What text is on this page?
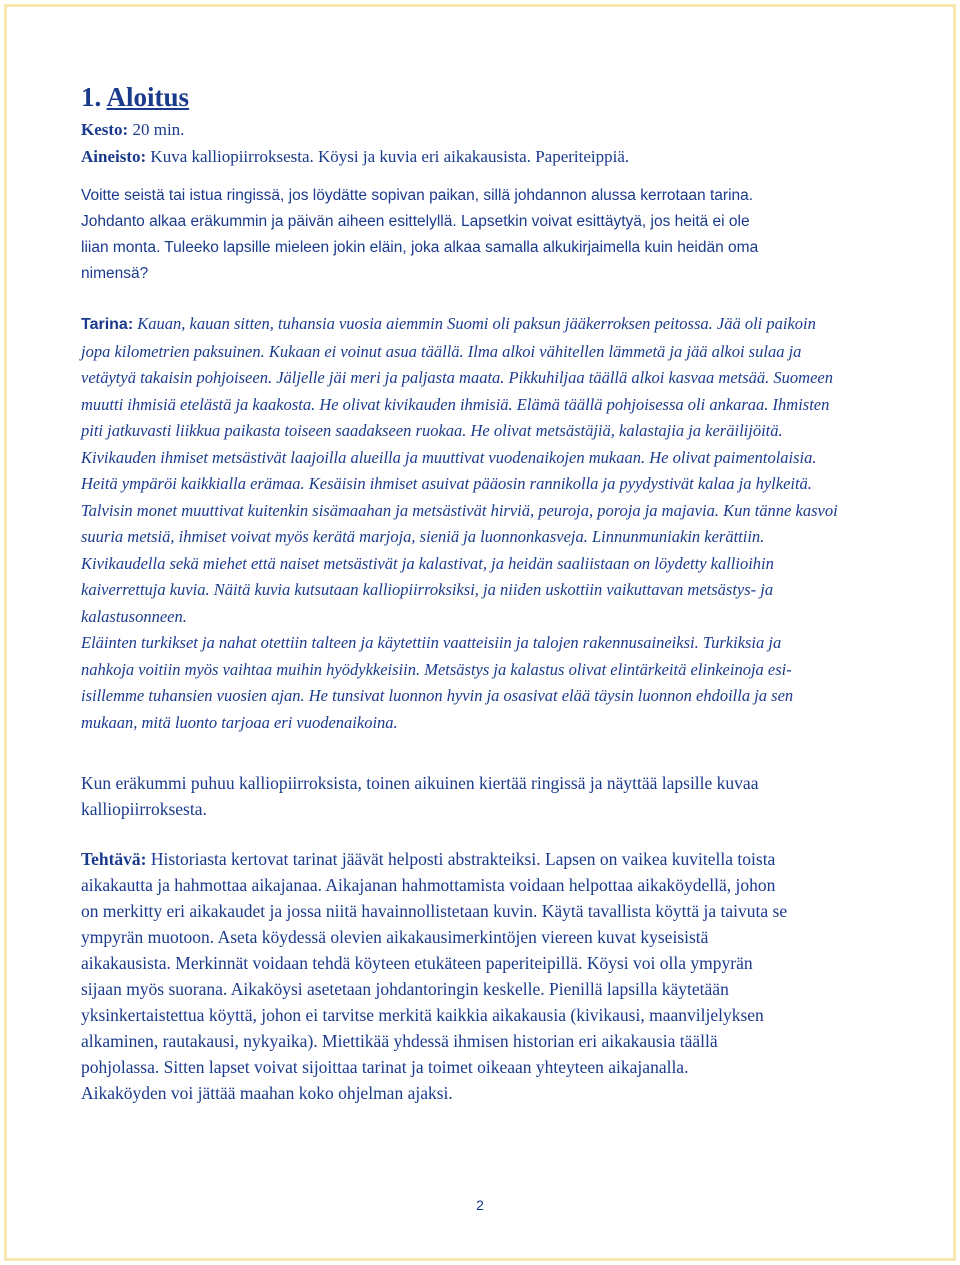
1. Aloitus

Kesto: 20 min.

Aineisto: Kuva kalliopiirroksesta. Köysi ja kuvia eri aikakausista. Paperiteippiä.

Voitte seistä tai istua ringissä, jos löydätte sopivan paikan, sillä johdannon alussa kerrotaan tarina.
Johdanto alkaa eräkummin ja päivän aiheen esittelyllä. Lapsetkin voivat esittäytyä, jos heitä ei ole
liian monta. Tuleeko lapsille mieleen jokin eläin, joka alkaa samalla alkukirjaimella kuin heidän oma
nimensä?
Tarina: Kauan, kauan sitten, tuhansia vuosia aiemmin Suomi oli paksun jääkerroksen peitossa. Jää oli paikoin
jopa kilometrien paksuinen. Kukaan ei voinut asua täällä. Ilma alkoi vähitellen lämmetä ja jää alkoi sulaa ja
vetäytyä takaisin pohjoiseen. Jäljelle jäi meri ja paljasta maata. Pikkuhiljaa täällä alkoi kasvaa metsää. Suomeen
muutti ihmisiä etelästä ja kaakosta. He olivat kivikauden ihmisiä. Elämä täällä pohjoisessa oli ankaraa. Ihmisten
piti jatkuvasti liikkua paikasta toiseen saadakseen ruokaa. He olivat metsästäjiä, kalastajia ja keräilijöitä.
Kivikauden ihmiset metsästivät laajoilla alueilla ja muuttivat vuodenaikojen mukaan. He olivat paimentolaisia.
Heitä ympäröi kaikkialla erämaa. Kesäisin ihmiset asuivat pääosin rannikolla ja pyydystivät kalaa ja hylkeitä.
Talvisin monet muuttivat kuitenkin sisämaahan ja metsästivät hirviä, peuroja, poroja ja majavia. Kun tänne kasvoi
suuria metsiä, ihmiset voivat myös kerätä marjoja, sieniä ja luonnonkasveja. Linnunmuniakin kerättiin.
Kivikaudella sekä miehet että naiset metsästivät ja kalastivat, ja heidän saaliistaan on löydetty kallioihin
kaiverrettuja kuvia. Näitä kuvia kutsutaan kalliopiirroksiksi, ja niiden uskottiin vaikuttavan metsästys- ja
kalastusonneen.
Eläinten turkikset ja nahat otettiin talteen ja käytettiin vaatteisiin ja talojen rakennusaineiksi. Turkiksia ja
nahkoja voitiin myös vaihtaa muihin hyödykkeisiin. Metsästys ja kalastus olivat elintärkeitä elinkeinoja esi-
isillemme tuhansien vuosien ajan. He tunsivat luonnon hyvin ja osasivat elää täysin luonnon ehdoilla ja sen
mukaan, mitä luonto tarjoaa eri vuodenaikoina.
Kun eräkummi puhuu kalliopiirroksista, toinen aikuinen kiertää ringissä ja näyttää lapsille kuvaa
kalliopiirroksesta.
Tehtävä: Historiasta kertovat tarinat jäävät helposti abstrakteiksi. Lapsen on vaikea kuvitella toista
aikakautta ja hahmottaa aikajanaa. Aikajanan hahmottamista voidaan helpottaa aikaköydellä, johon
on merkitty eri aikakaudet ja jossa niitä havainnollistetaan kuvin. Käytä tavallista köyttä ja taivuta se
ympyrän muotoon. Aseta köydessä olevien aikakausimerkintöjen viereen kuvat kyseisistä
aikakausista. Merkinnät voidaan tehdä köyteen etukäteen paperiteipillä. Köysi voi olla ympyrän
sijaan myös suorana. Aikaköysi asetetaan johdantoringin keskelle. Pienillä lapsilla käytetään
yksinkertaistettua köyttä, johon ei tarvitse merkitä kaikkia aikakausia (kivikausi, maanviljelyksen
alkaminen, rautakausi, nykyaika). Miettikää yhdessä ihmisen historian eri aikakausia täällä
pohjolassa. Sitten lapset voivat sijoittaa tarinat ja toimet oikeaan yhteyteen aikajanalla.
Aikaköyden voi jättää maahan koko ohjelman ajaksi.
2
